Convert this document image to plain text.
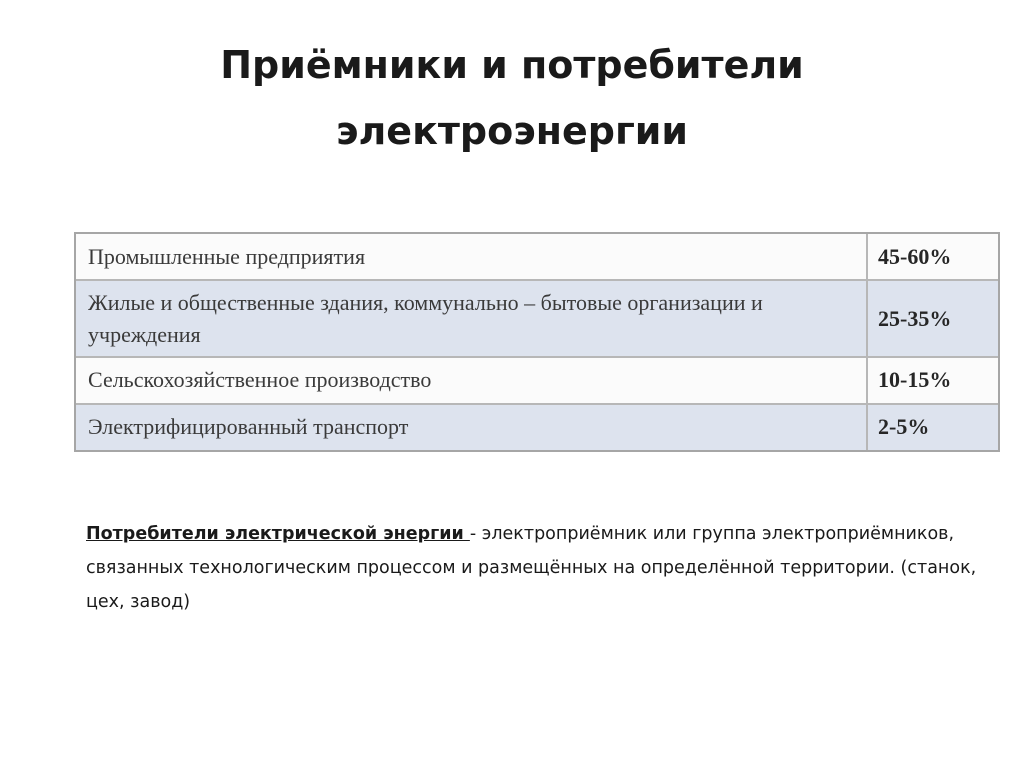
Приёмники и потребители
электроэнергии
Промышленные предприятия	45-60%
Жилые и общественные здания, коммунально – бытовые организации и учреждения	25-35%
Сельскохозяйственное производство	10-15%
Электрифицированный транспорт	2-5%
Потребители электрической энергии - электроприёмник или группа электроприёмников, связанных технологическим процессом и размещённых на определённой территории. (станок, цех, завод)
